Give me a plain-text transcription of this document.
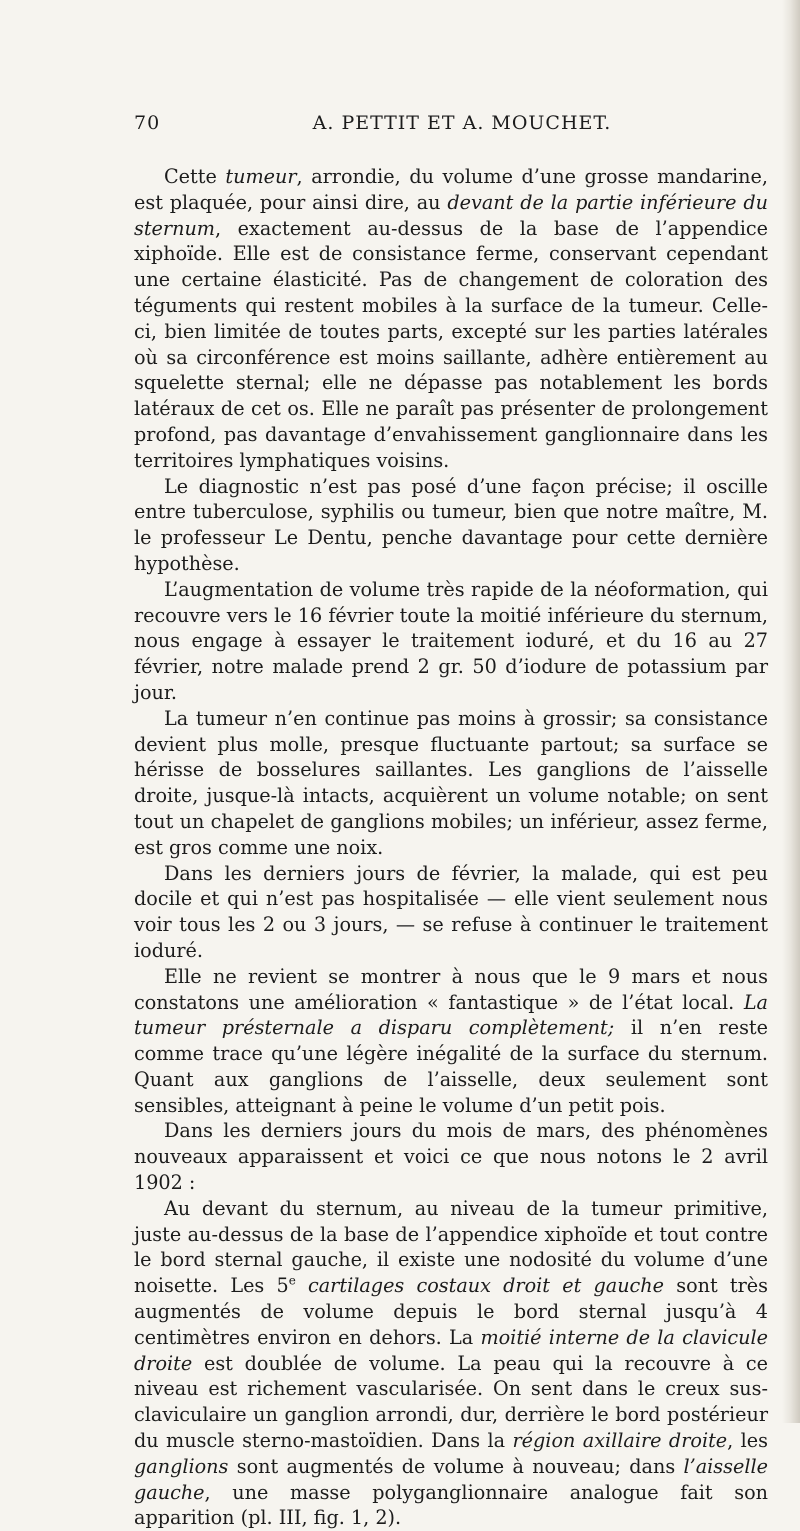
70	A. PETTIT ET A. MOUCHET.

Cette tumeur, arrondie, du volume d’une grosse mandarine, est plaquée, pour ainsi dire, au devant de la partie inférieure du sternum, exactement au-dessus de la base de l’appendice xiphoïde. Elle est de consistance ferme, conservant cependant une certaine élasticité. Pas de changement de coloration des téguments qui restent mobiles à la surface de la tumeur. Celle-ci, bien limitée de toutes parts, excepté sur les parties latérales où sa circonférence est moins saillante, adhère entièrement au squelette sternal; elle ne dépasse pas notablement les bords latéraux de cet os. Elle ne paraît pas présenter de prolongement profond, pas davantage d’envahissement ganglionnaire dans les territoires lymphatiques voisins.

Le diagnostic n’est pas posé d’une façon précise; il oscille entre tuberculose, syphilis ou tumeur, bien que notre maître, M. le professeur Le Dentu, penche davantage pour cette dernière hypothèse.

L’augmentation de volume très rapide de la néoformation, qui recouvre vers le 16 février toute la moitié inférieure du sternum, nous engage à essayer le traitement ioduré, et du 16 au 27 février, notre malade prend 2 gr. 50 d’iodure de potassium par jour.

La tumeur n’en continue pas moins à grossir; sa consistance devient plus molle, presque fluctuante partout; sa surface se hérisse de bosselures saillantes. Les ganglions de l’aisselle droite, jusque-là intacts, acquièrent un volume notable; on sent tout un chapelet de ganglions mobiles; un inférieur, assez ferme, est gros comme une noix.

Dans les derniers jours de février, la malade, qui est peu docile et qui n’est pas hospitalisée — elle vient seulement nous voir tous les 2 ou 3 jours, — se refuse à continuer le traitement ioduré.

Elle ne revient se montrer à nous que le 9 mars et nous constatons une amélioration « fantastique » de l’état local. La tumeur présternale a disparu complètement; il n’en reste comme trace qu’une légère inégalité de la surface du sternum. Quant aux ganglions de l’aisselle, deux seulement sont sensibles, atteignant à peine le volume d’un petit pois.

Dans les derniers jours du mois de mars, des phénomènes nouveaux apparaissent et voici ce que nous notons le 2 avril 1902 :

Au devant du sternum, au niveau de la tumeur primitive, juste au-dessus de la base de l’appendice xiphoïde et tout contre le bord sternal gauche, il existe une nodosité du volume d’une noisette. Les 5e cartilages costaux droit et gauche sont très augmentés de volume depuis le bord sternal jusqu’à 4 centimètres environ en dehors. La moitié interne de la clavicule droite est doublée de volume. La peau qui la recouvre à ce niveau est richement vascularisée. On sent dans le creux sus-claviculaire un ganglion arrondi, dur, derrière le bord postérieur du muscle sterno-mastoïdien. Dans la région axillaire droite, les ganglions sont augmentés de volume à nouveau; dans l’aisselle gauche, une masse polyganglionnaire analogue fait son apparition (pl. III, fig. 1, 2).
